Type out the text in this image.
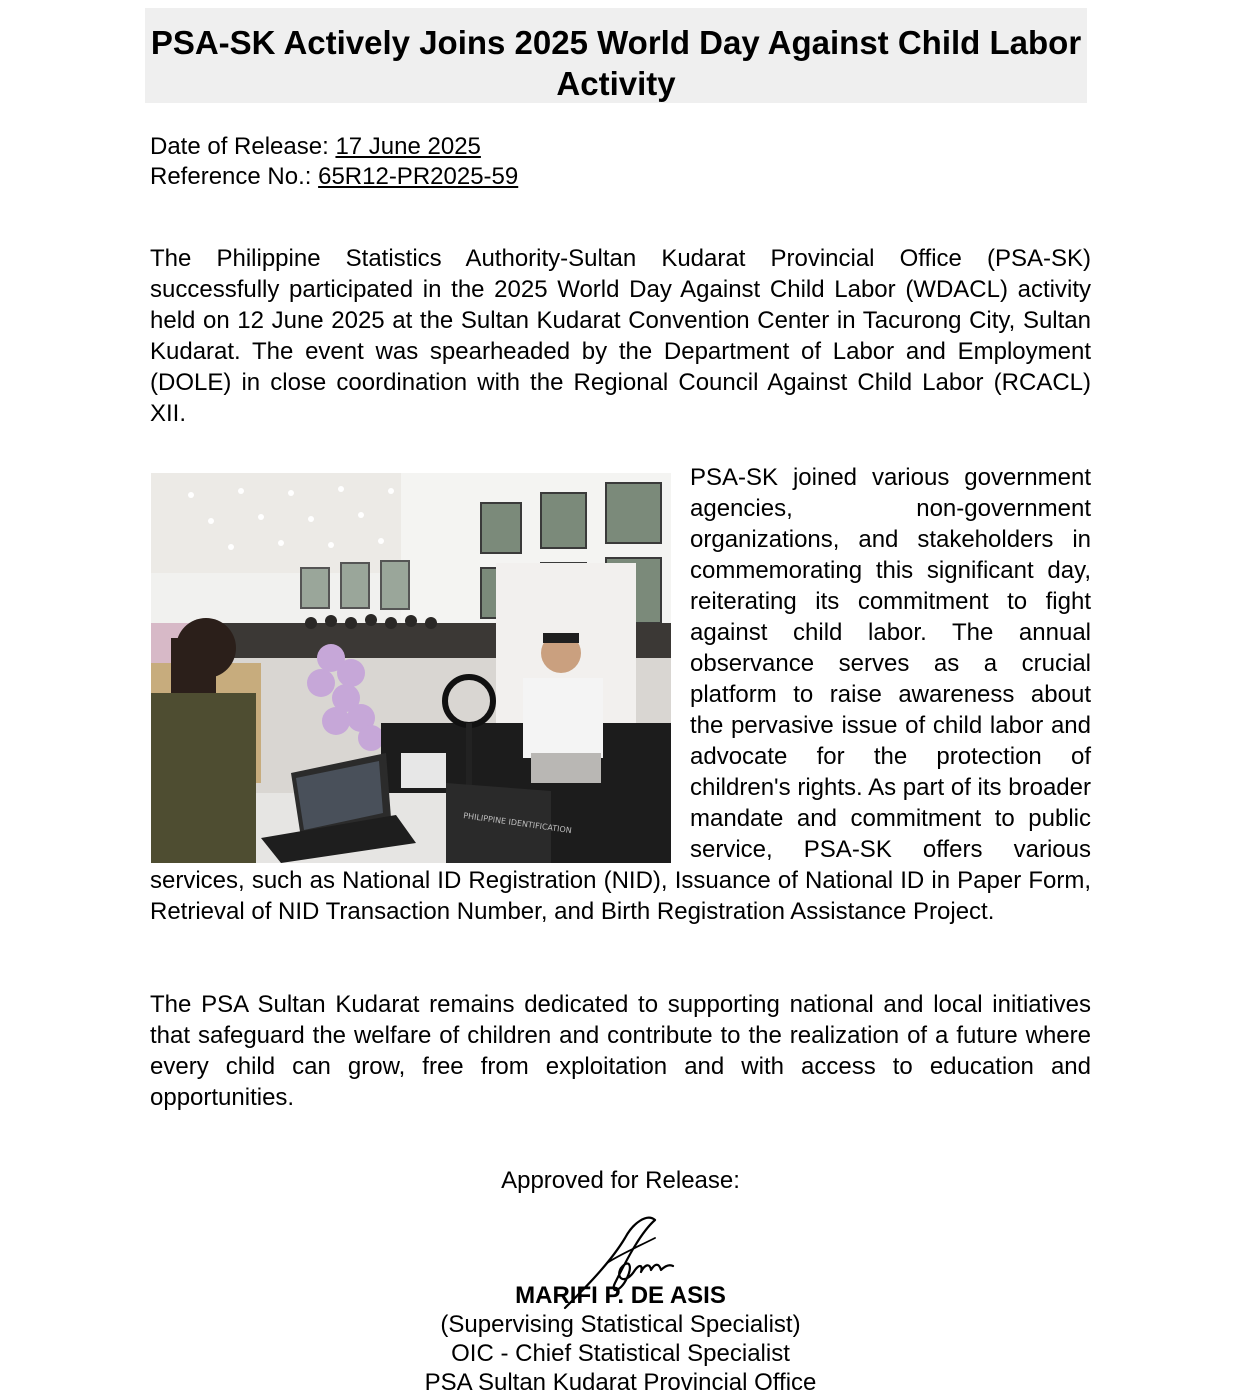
PSA-SK Actively Joins 2025 World Day Against Child Labor Activity
Date of Release: 17 June 2025
Reference No.: 65R12-PR2025-59

The Philippine Statistics Authority-Sultan Kudarat Provincial Office (PSA-SK) successfully participated in the 2025 World Day Against Child Labor (WDACL) activity held on 12 June 2025 at the Sultan Kudarat Convention Center in Tacurong City, Sultan Kudarat. The event was spearheaded by the Department of Labor and Employment (DOLE) in close coordination with the Regional Council Against Child Labor (RCACL) XII.

PHILIPPINE IDENTIFICATION
PSA-SK joined various government agencies, non-government organizations, and stakeholders in commemorating this significant day, reiterating its commitment to fight against child labor. The annual observance serves as a crucial platform to raise awareness about the pervasive issue of child labor and advocate for the protection of children's rights. As part of its broader mandate and commitment to public service, PSA-SK offers various services, such as National ID Registration (NID), Issuance of National ID in Paper Form, Retrieval of NID Transaction Number, and Birth Registration Assistance Project.

The PSA Sultan Kudarat remains dedicated to supporting national and local initiatives that safeguard the welfare of children and contribute to the realization of a future where every child can grow, free from exploitation and with access to education and opportunities.

Approved for Release:
MARIFI P. DE ASIS
(Supervising Statistical Specialist)
OIC - Chief Statistical Specialist
PSA Sultan Kudarat Provincial Office
